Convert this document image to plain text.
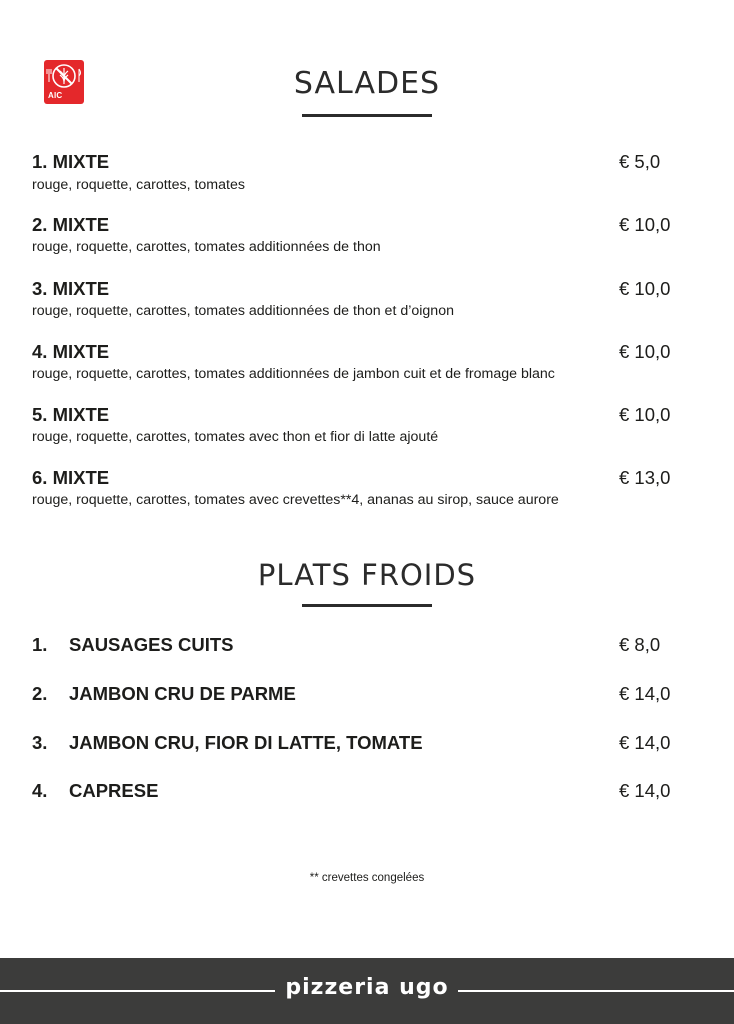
AIC	SALADES
1. MIXTE	€ 5,0
rouge, roquette, carottes, tomates
2. MIXTE	€ 10,0
rouge, roquette, carottes, tomates additionnées de thon
3. MIXTE	€ 10,0
rouge, roquette, carottes, tomates additionnées de thon et d’oignon
4. MIXTE	€ 10,0
rouge, roquette, carottes, tomates additionnées de jambon cuit et de fromage blanc
5. MIXTE	€ 10,0
rouge, roquette, carottes, tomates avec thon et fior di latte ajouté
6. MIXTE	€ 13,0
rouge, roquette, carottes, tomates avec crevettes**4, ananas au sirop, sauce aurore
PLATS FROIDS
1. SAUSAGES CUITS	€ 8,0
2. JAMBON CRU DE PARME	€ 14,0
3. JAMBON CRU, FIOR DI LATTE, TOMATE	€ 14,0
4. CAPRESE	€ 14,0
** crevettes congelées
pizzeria ugo
